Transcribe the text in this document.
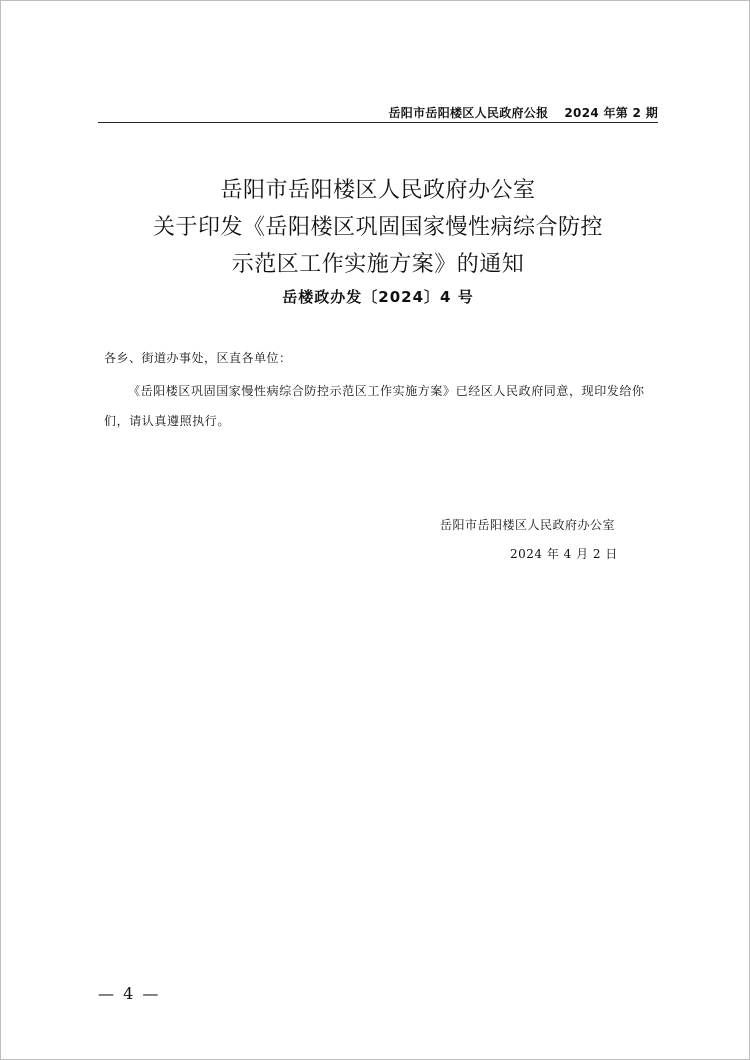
岳阳市岳阳楼区人民政府公报 2024 年第 2 期
岳阳市岳阳楼区人民政府办公室
关于印发《岳阳楼区巩固国家慢性病综合防控
示范区工作实施方案》的通知
岳楼政办发〔2024〕4 号
各乡、街道办事处，区直各单位：

《岳阳楼区巩固国家慢性病综合防控示范区工作实施方案》已经区人民政府同意，现印发给你们，请认真遵照执行。

岳阳市岳阳楼区人民政府办公室
2024 年 4 月 2 日
— 4 —
